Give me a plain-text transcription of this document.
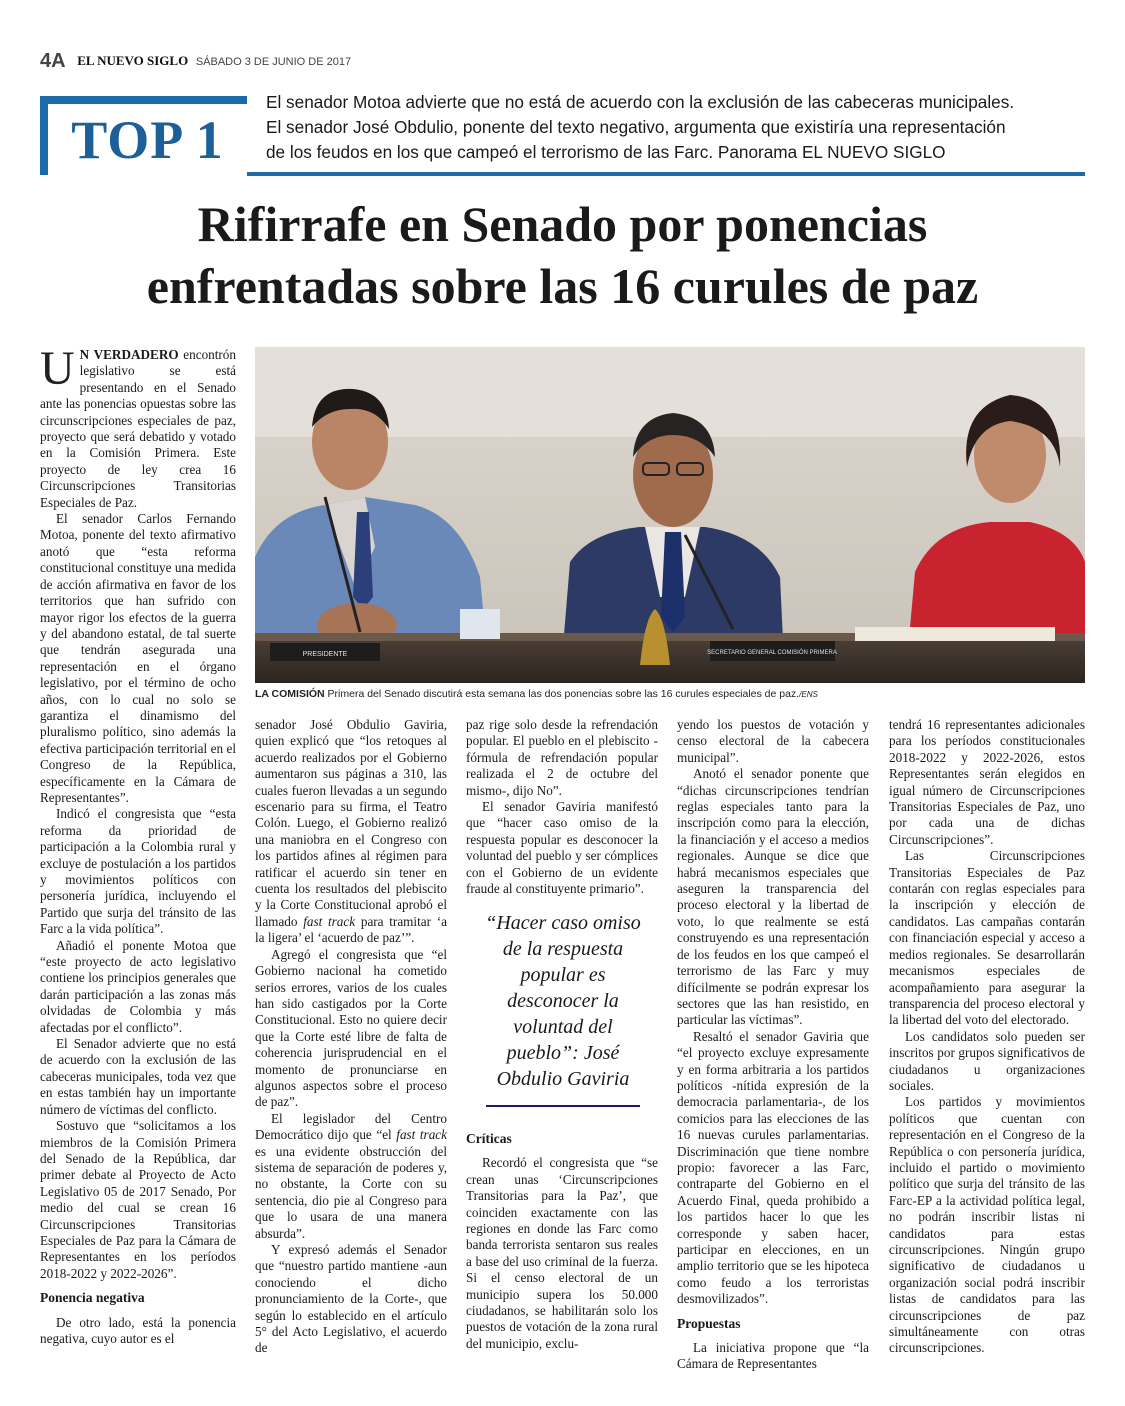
4A EL NUEVO SIGLO SÁBADO 3 DE JUNIO DE 2017
TOP 1
El senador Motoa advierte que no está de acuerdo con la exclusión de las cabeceras municipales.
El senador José Obdulio, ponente del texto negativo, argumenta que existiría una representación
de los feudos en los que campeó el terrorismo de las Farc. Panorama EL NUEVO SIGLO
Rifirrafe en Senado por ponencias
enfrentadas sobre las 16 curules de paz
PRESIDENTE	SECRETARIO GENERAL COMISIÓN PRIMERA
LA COMISIÓN Primera del Senado discutirá esta semana las dos ponencias sobre las 16 curules especiales de paz./ENS

U N VERDADERO encontrón legislativo se está presentando en el Senado ante las ponencias opuestas sobre las circunscripciones especiales de paz, proyecto que será debatido y votado en la Comisión Primera. Este proyecto de ley crea 16 Circunscripciones Transitorias Especiales de Paz.

El senador Carlos Fernando Motoa, ponente del texto afirmativo anotó que “esta reforma constitucional constituye una medida de acción afirmativa en favor de los territorios que han sufrido con mayor rigor los efectos de la guerra y del abandono estatal, de tal suerte que tendrán asegurada una representación en el órgano legislativo, por el término de ocho años, con lo cual no solo se garantiza el dinamismo del pluralismo político, sino además la efectiva participación territorial en el Congreso de la República, específicamente en la Cámara de Representantes”.

Indicó el congresista que “esta reforma da prioridad de participación a la Colombia rural y excluye de postulación a los partidos y movimientos políticos con personería jurídica, incluyendo el Partido que surja del tránsito de las Farc a la vida política”.

Añadió el ponente Motoa que “este proyecto de acto legislativo contiene los principios generales que darán participación a las zonas más olvidadas de Colombia y más afectadas por el conflicto”.

El Senador advierte que no está de acuerdo con la exclusión de las cabeceras municipales, toda vez que en estas también hay un importante número de víctimas del conflicto.

Sostuvo que “solicitamos a los miembros de la Comisión Primera del Senado de la República, dar primer debate al Proyecto de Acto Legislativo 05 de 2017 Senado, Por medio del cual se crean 16 Circunscripciones Transitorias Especiales de Paz para la Cámara de Representantes en los períodos 2018-2022 y 2022-2026”.

Ponencia negativa

De otro lado, está la ponencia negativa, cuyo autor es el

senador José Obdulio Gaviria, quien explicó que “los retoques al acuerdo realizados por el Gobierno aumentaron sus páginas a 310, las cuales fueron llevadas a un segundo escenario para su firma, el Teatro Colón. Luego, el Gobierno realizó una maniobra en el Congreso con los partidos afines al régimen para ratificar el acuerdo sin tener en cuenta los resultados del plebiscito y la Corte Constitucional aprobó el llamado fast track para tramitar ‘a la ligera’ el ‘acuerdo de paz’”.

Agregó el congresista que “el Gobierno nacional ha cometido serios errores, varios de los cuales han sido castigados por la Corte Constitucional. Esto no quiere decir que la Corte esté libre de falta de coherencia jurisprudencial en el momento de pronunciarse en algunos aspectos sobre el proceso de paz”.

El legislador del Centro Democrático dijo que “el fast track es una evidente obstrucción del sistema de separación de poderes y, no obstante, la Corte con su sentencia, dio pie al Congreso para que lo usara de una manera absurda”.

Y expresó además el Senador que “nuestro partido mantiene -aun conociendo el dicho pronunciamiento de la Corte-, que según lo establecido en el artículo 5° del Acto Legislativo, el acuerdo de

paz rige solo desde la refrendación popular. El pueblo en el plebiscito -fórmula de refrendación popular realizada el 2 de octubre del mismo-, dijo No”.

El senador Gaviria manifestó que “hacer caso omiso de la respuesta popular es desconocer la voluntad del pueblo y ser cómplices con el Gobierno de un evidente fraude al constituyente primario”.

“Hacer caso omiso de la respuesta popular es desconocer la voluntad del pueblo”: José Obdulio Gaviria
Críticas

Recordó el congresista que “se crean unas ‘Circunscripciones Transitorias para la Paz’, que coinciden exactamente con las regiones en donde las Farc como banda terrorista sentaron sus reales a base del uso criminal de la fuerza. Si el censo electoral de un municipio supera los 50.000 ciudadanos, se habilitarán solo los puestos de votación de la zona rural del municipio, exclu-

yendo los puestos de votación y censo electoral de la cabecera municipal”.

Anotó el senador ponente que “dichas circunscripciones tendrían reglas especiales tanto para la inscripción como para la elección, la financiación y el acceso a medios regionales. Aunque se dice que habrá mecanismos especiales que aseguren la transparencia del proceso electoral y la libertad de voto, lo que realmente se está construyendo es una representación de los feudos en los que campeó el terrorismo de las Farc y muy difícilmente se podrán expresar los sectores que las han resistido, en particular las víctimas”.

Resaltó el senador Gaviria que “el proyecto excluye expresamente y en forma arbitraria a los partidos políticos -nítida expresión de la democracia parlamentaria-, de los comicios para las elecciones de las 16 nuevas curules parlamentarias. Discriminación que tiene nombre propio: favorecer a las Farc, contraparte del Gobierno en el Acuerdo Final, queda prohibido a los partidos hacer lo que les corresponde y saben hacer, participar en elecciones, en un amplio territorio que se les hipoteca como feudo a los terroristas desmovilizados”.

Propuestas

La iniciativa propone que “la Cámara de Representantes

tendrá 16 representantes adicionales para los períodos constitucionales 2018-2022 y 2022-2026, estos Representantes serán elegidos en igual número de Circunscripciones Transitorias Especiales de Paz, uno por cada una de dichas Circunscripciones”.

Las Circunscripciones Transitorias Especiales de Paz contarán con reglas especiales para la inscripción y elección de candidatos. Las campañas contarán con financiación especial y acceso a medios regionales. Se desarrollarán mecanismos especiales de acompañamiento para asegurar la transparencia del proceso electoral y la libertad del voto del electorado.

Los candidatos solo pueden ser inscritos por grupos significativos de ciudadanos u organizaciones sociales.

Los partidos y movimientos políticos que cuentan con representación en el Congreso de la República o con personería jurídica, incluido el partido o movimiento político que surja del tránsito de las Farc-EP a la actividad política legal, no podrán inscribir listas ni candidatos para estas circunscripciones. Ningún grupo significativo de ciudadanos u organización social podrá inscribir listas de candidatos para las circunscripciones de paz simultáneamente con otras circunscripciones.
